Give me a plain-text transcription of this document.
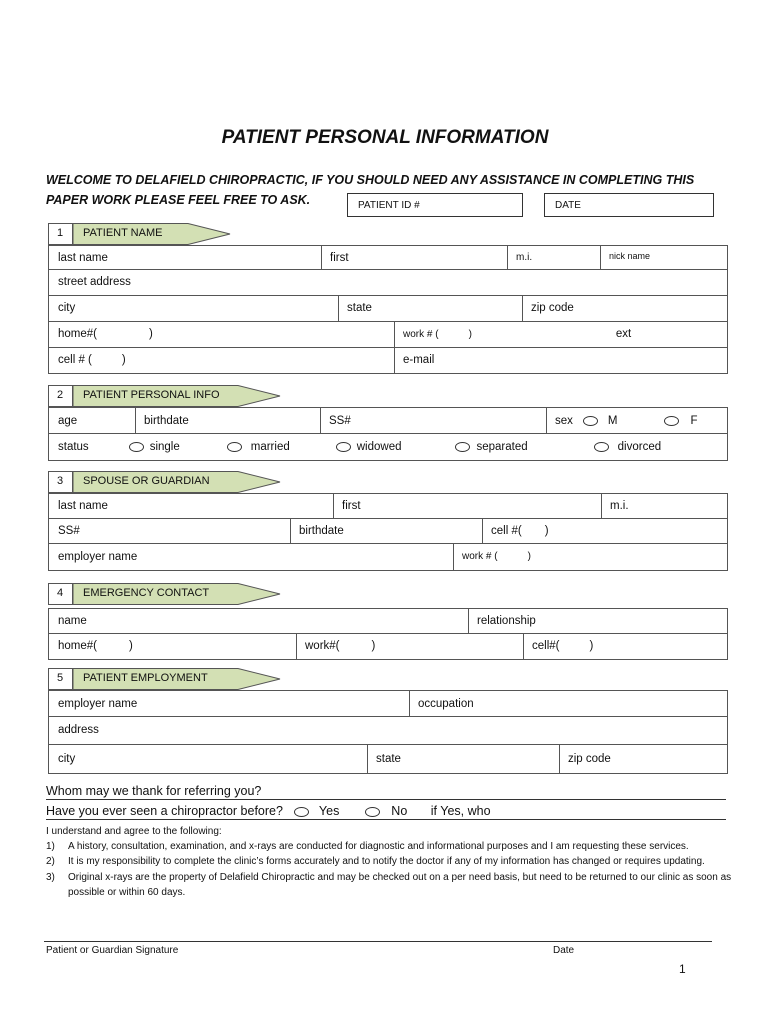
PATIENT PERSONAL INFORMATION
WELCOME TO DELAFIELD CHIROPRACTIC, IF YOU SHOULD NEED ANY ASSISTANCE IN COMPLETING THIS PAPER WORK PLEASE FEEL FREE TO ASK.	PATIENT ID #	DATE
1 PATIENT NAME
last name	first	m.i.	nick name
street address
city	state	zip code
home#(	)	work # (	)	ext
cell # (	)	e-mail
2 PATIENT PERSONAL INFO
age	birthdate	SS#	sex	M	F
status	single	married	widowed	separated	divorced
3 SPOUSE OR GUARDIAN
last name	first	m.i.
SS#	birthdate	cell #( )
employer name	work # (	)
4 EMERGENCY CONTACT
name	relationship
home#(	)	work#(	)	cell#(	)
5 PATIENT EMPLOYMENT
employer name	occupation
address
city	state	zip code
Whom may we thank for referring you?
Have you ever seen a chiropractor before?	Yes	No if Yes, who
I understand and agree to the following:
1) A history, consultation, examination, and x-rays are conducted for diagnostic and informational purposes and I am requesting these services.
2) It is my responsibility to complete the clinic’s forms accurately and to notify the doctor if any of my information has changed or requires updating.
3) Original x-rays are the property of Delafield Chiropractic and may be checked out on a per need basis, but need to be returned to our clinic as soon as possible or within 60 days.
Patient or Guardian Signature	Date
1
